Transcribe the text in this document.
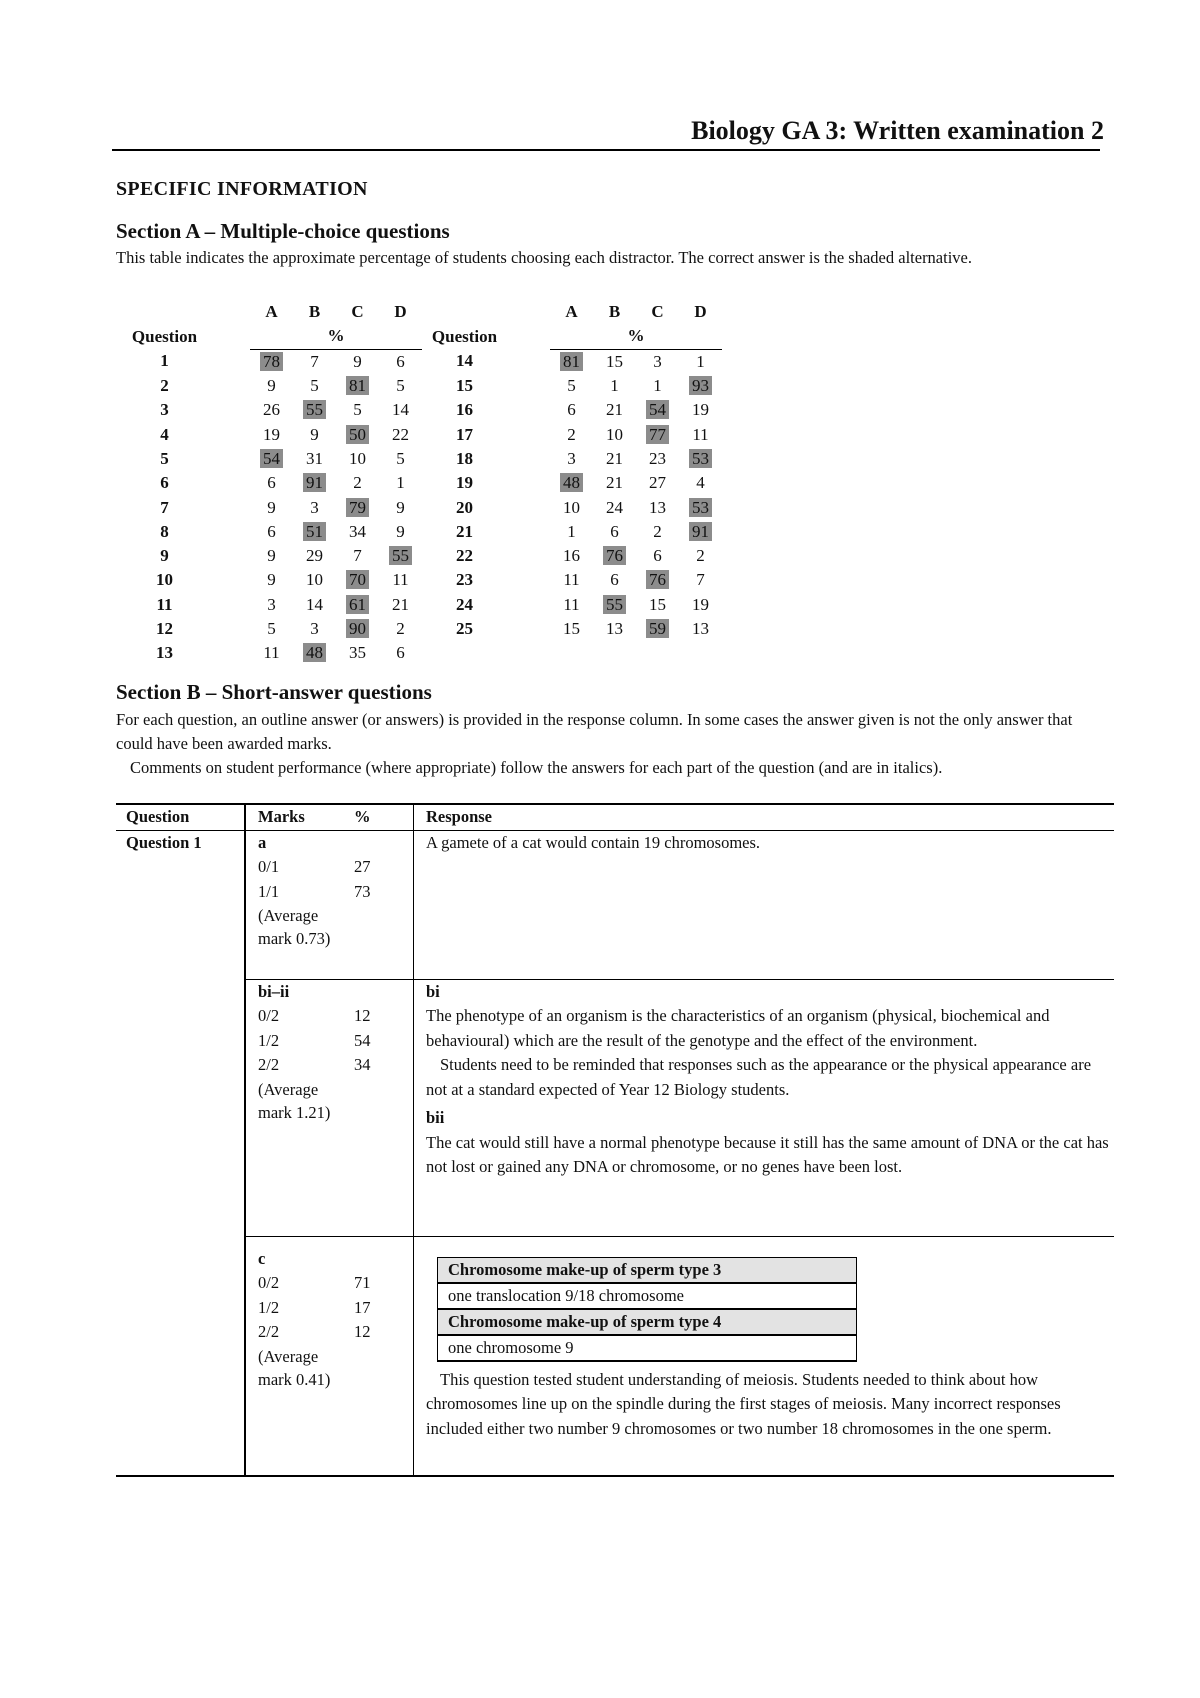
Biology GA 3: Written examination 2
SPECIFIC INFORMATION
Section A – Multiple-choice questions
This table indicates the approximate percentage of students choosing each distractor. The correct answer is the shaded alternative.
		A	B	C	D
Question		%			
1		78	7	9	6
2		9	5	81	5
3		26	55	5	14
4		19	9	50	22
5		54	31	10	5
6		6	91	2	1
7		9	3	79	9
8		6	51	34	9
9		9	29	7	55
10		9	10	70	11
11		3	14	61	21
12		5	3	90	2
13		11	48	35	6
		A	B	C	D
Question		%			
14		81	15	3	1
15		5	1	1	93
16		6	21	54	19
17		2	10	77	11
18		3	21	23	53
19		48	21	27	4
20		10	24	13	53
21		1	6	2	91
22		16	76	6	2
23		11	6	76	7
24		11	55	15	19
25		15	13	59	13
Section B – Short-answer questions
For each question, an outline answer (or answers) is provided in the response column. In some cases the answer given is not the only answer that could have been awarded marks.
Comments on student performance (where appropriate) follow the answers for each part of the question (and are in italics).
Question	Marks	%	Response
Question 1	a
0/1	27
1/1	73
(Average mark 0.73)
	A gamete of a cat would contain 19 chromosomes.

bi–ii
0/2	12
1/2	54
2/2	34
(Average mark 1.21)

bi
The phenotype of an organism is the characteristics of an organism (physical, biochemical and behavioural) which are the result of the genotype and the effect of the environment.
Students need to be reminded that responses such as the appearance or the physical appearance are not at a standard expected of Year 12 Biology students.
bii
The cat would still have a normal phenotype because it still has the same amount of DNA or the cat has not lost or gained any DNA or chromosome, or no genes have been lost.

c
0/2	71
1/2	17
2/2	12
(Average mark 0.41)

Chromosome make-up of sperm type 3
one translocation 9/18 chromosome
Chromosome make-up of sperm type 4
one chromosome 9
This question tested student understanding of meiosis. Students needed to think about how chromosomes line up on the spindle during the first stages of meiosis. Many incorrect responses included either two number 9 chromosomes or two number 18 chromosomes in the one sperm.
